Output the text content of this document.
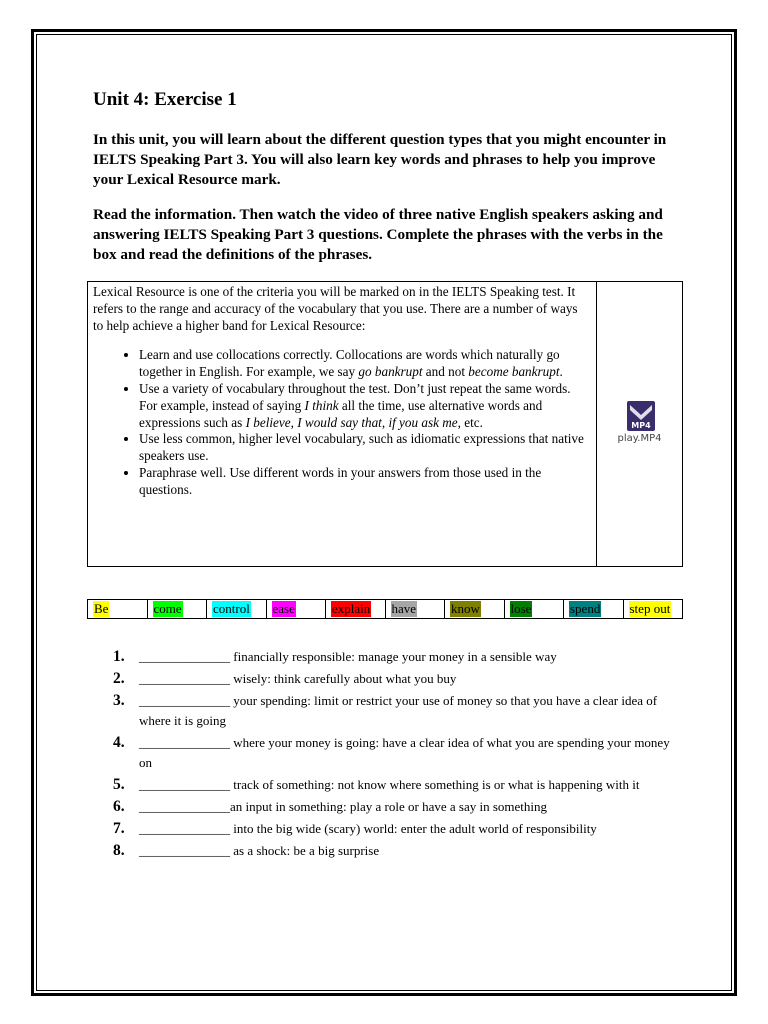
Unit 4: Exercise 1
In this unit, you will learn about the different question types that you might encounter in IELTS Speaking Part 3. You will also learn key words and phrases to help you improve your Lexical Resource mark.
Read the information. Then watch the video of three native English speakers asking and answering IELTS Speaking Part 3 questions. Complete the phrases with the verbs in the box and read the definitions of the phrases.
Lexical Resource is one of the criteria you will be marked on in the IELTS Speaking test. It refers to the range and accuracy of the vocabulary that you use. There are a number of ways to help achieve a higher band for Lexical Resource:
• Learn and use collocations correctly. Collocations are words which naturally go together in English. For example, we say go bankrupt and not become bankrupt.
• Use a variety of vocabulary throughout the test. Don’t just repeat the same words. For example, instead of saying I think all the time, use alternative words and expressions such as I believe, I would say that, if you ask me, etc.
• Use less common, higher level vocabulary, such as idiomatic expressions that native speakers use.
• Paraphrase well. Use different words in your answers from those used in the questions.
MP4
play.MP4
Be	come control ease	explain have	know lose	spend step out
1. ______________ financially responsible: manage your money in a sensible way
2. ______________ wisely: think carefully about what you buy
3. ______________ your spending: limit or restrict your use of money so that you have a clear idea of where it is going
4. ______________ where your money is going: have a clear idea of what you are spending your money on
5. ______________ track of something: not know where something is or what is happening with it
6. ______________an input in something: play a role or have a say in something
7. ______________ into the big wide (scary) world: enter the adult world of responsibility
8. ______________ as a shock: be a big surprise
